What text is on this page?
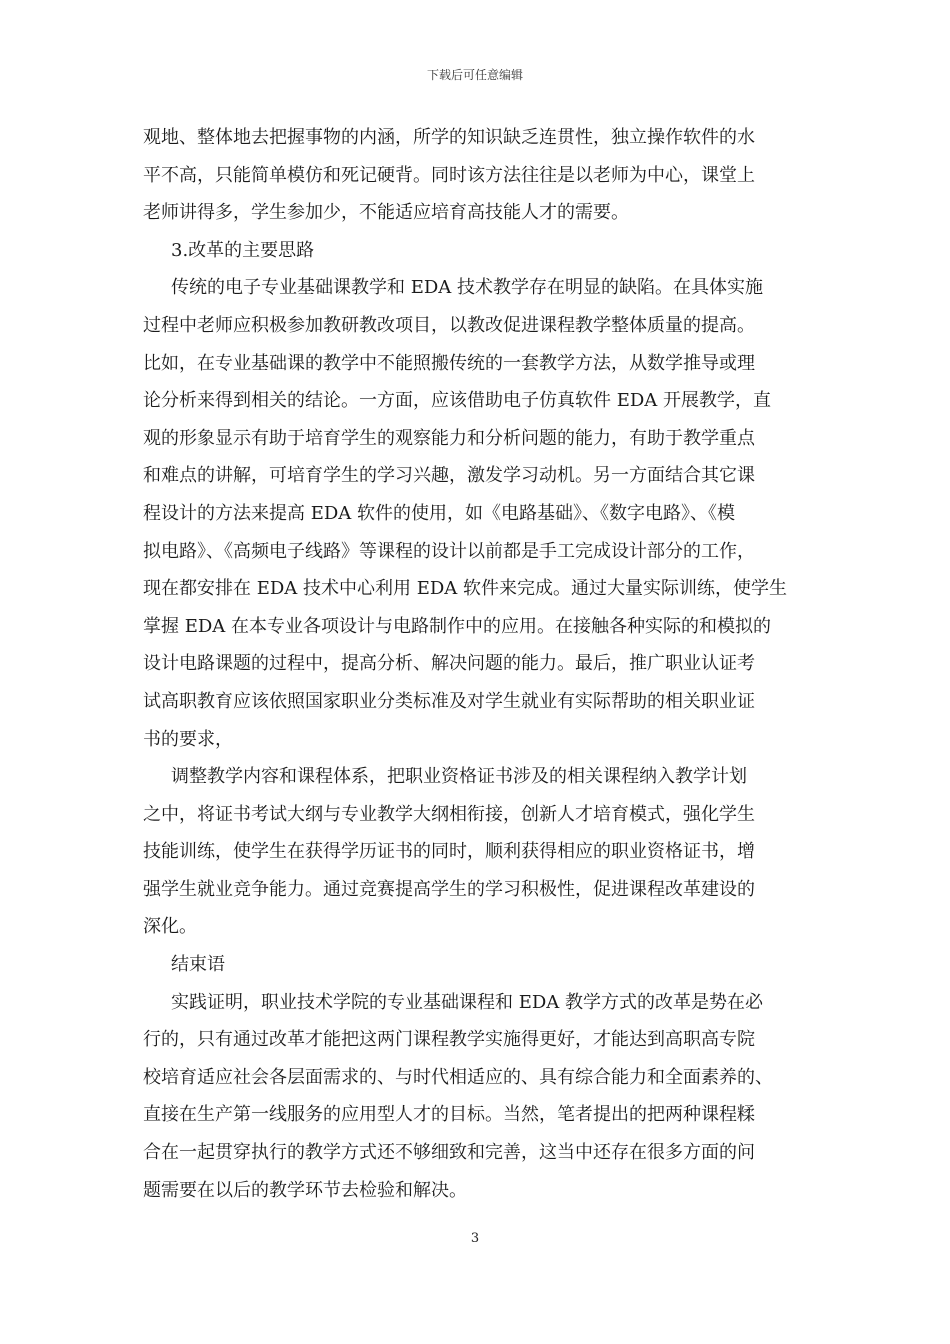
下载后可任意编辑
观地、整体地去把握事物的内涵，所学的知识缺乏连贯性，独立操作软件的水
平不高，只能简单模仿和死记硬背。同时该方法往往是以老师为中心，课堂上
老师讲得多，学生参加少，不能适应培育高技能人才的需要。
3.改革的主要思路
传统的电子专业基础课教学和 EDA 技术教学存在明显的缺陷。在具体实施
过程中老师应积极参加教研教改项目，以教改促进课程教学整体质量的提高。
比如，在专业基础课的教学中不能照搬传统的一套教学方法，从数学推导或理
论分析来得到相关的结论。一方面，应该借助电子仿真软件 EDA 开展教学，直
观的形象显示有助于培育学生的观察能力和分析问题的能力，有助于教学重点
和难点的讲解，可培育学生的学习兴趣，激发学习动机。另一方面结合其它课
程设计的方法来提高 EDA 软件的使用，如《电路基础》、《数字电路》、《模
拟电路》、《高频电子线路》等课程的设计以前都是手工完成设计部分的工作，
现在都安排在 EDA 技术中心利用 EDA 软件来完成。通过大量实际训练，使学生
掌握 EDA 在本专业各项设计与电路制作中的应用。在接触各种实际的和模拟的
设计电路课题的过程中，提高分析、解决问题的能力。最后，推广职业认证考
试高职教育应该依照国家职业分类标准及对学生就业有实际帮助的相关职业证
书的要求，
调整教学内容和课程体系，把职业资格证书涉及的相关课程纳入教学计划
之中，将证书考试大纲与专业教学大纲相衔接，创新人才培育模式，强化学生
技能训练，使学生在获得学历证书的同时，顺利获得相应的职业资格证书，增
强学生就业竞争能力。通过竞赛提高学生的学习积极性，促进课程改革建设的
深化。
结束语
实践证明，职业技术学院的专业基础课程和 EDA 教学方式的改革是势在必
行的，只有通过改革才能把这两门课程教学实施得更好，才能达到高职高专院
校培育适应社会各层面需求的、与时代相适应的、具有综合能力和全面素养的、
直接在生产第一线服务的应用型人才的目标。当然，笔者提出的把两种课程糅
合在一起贯穿执行的教学方式还不够细致和完善，这当中还存在很多方面的问
题需要在以后的教学环节去检验和解决。
3
